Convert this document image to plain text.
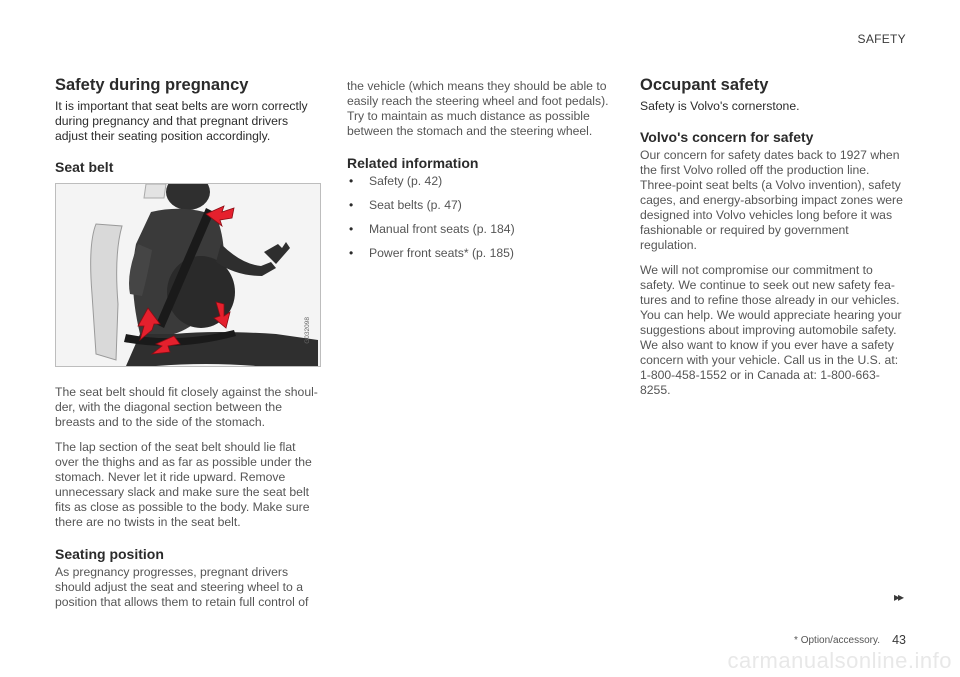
SAFETY
Safety during pregnancy

It is important that seat belts are worn correctly during pregnancy and that pregnant drivers adjust their seating position accordingly.

Seat belt
G032098

The seat belt should fit closely against the shoul-der, with the diagonal section between the breasts and to the side of the stomach.

The lap section of the seat belt should lie flat over the thighs and as far as possible under the stomach. Never let it ride upward. Remove unnecessary slack and make sure the seat belt fits as close as possible to the body. Make sure there are no twists in the seat belt.

Seating position

As pregnancy progresses, pregnant drivers should adjust the seat and steering wheel to a position that allows them to retain full control of

the vehicle (which means they should be able to easily reach the steering wheel and foot pedals). Try to maintain as much distance as possible between the stomach and the steering wheel.

Related information
• Safety (p. 42)
• Seat belts (p. 47)
• Manual front seats (p. 184)
• Power front seats* (p. 185)
Occupant safety

Safety is Volvo's cornerstone.

Volvo's concern for safety

Our concern for safety dates back to 1927 when the first Volvo rolled off the production line. Three-point seat belts (a Volvo invention), safety cages, and energy-absorbing impact zones were designed into Volvo vehicles long before it was fashionable or required by government regulation.

We will not compromise our commitment to safety. We continue to seek out new safety fea-tures and to refine those already in our vehicles. You can help. We would appreciate hearing your suggestions about improving automobile safety. We also want to know if you ever have a safety concern with your vehicle. Call us in the U.S. at: 1-800-458-1552 or in Canada at: 1-800-663-8255.

▸▸
* Option/accessory. 43
carmanualsonline.info
